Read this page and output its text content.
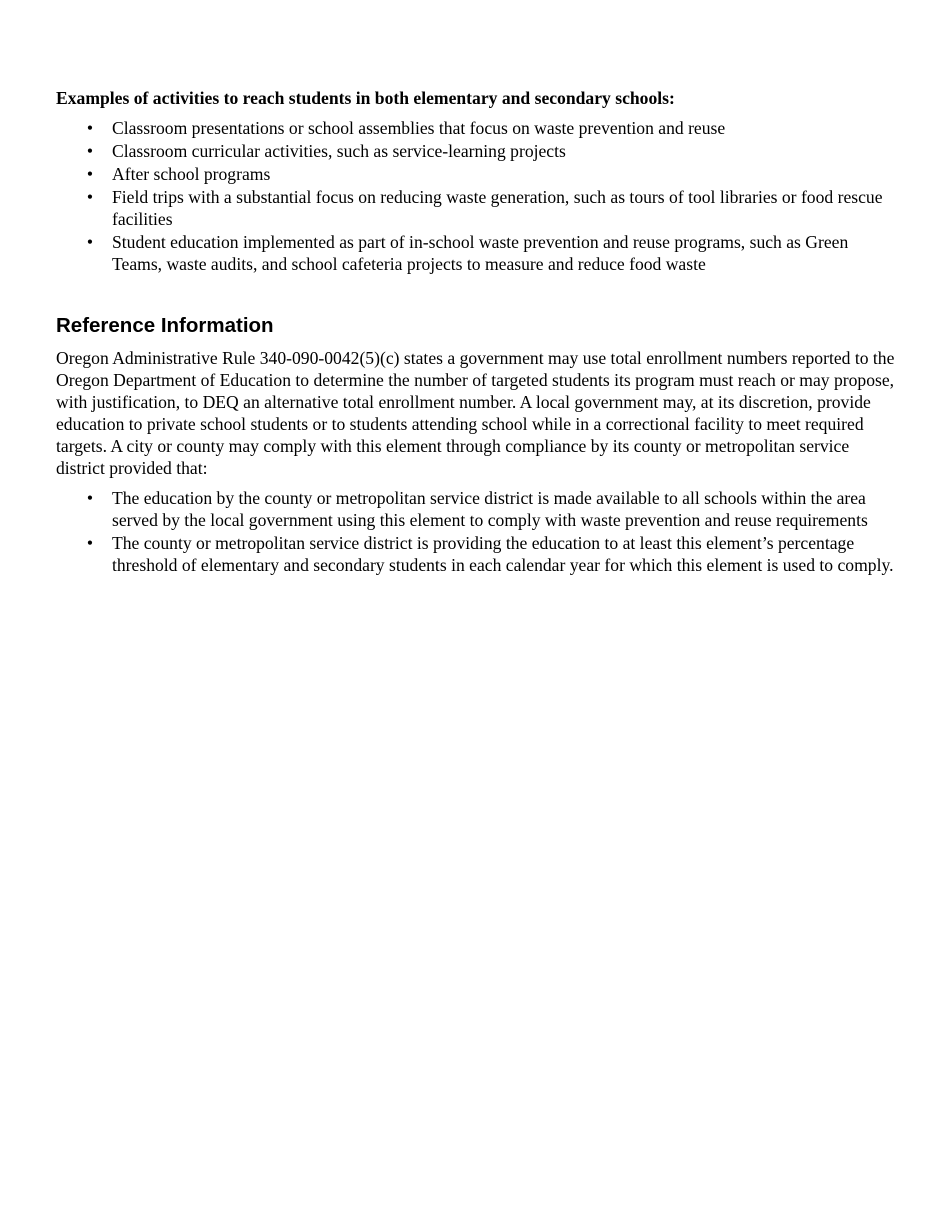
Examples of activities to reach students in both elementary and secondary schools:

• Classroom presentations or school assemblies that focus on waste prevention and reuse
• Classroom curricular activities, such as service-learning projects
• After school programs
• Field trips with a substantial focus on reducing waste generation, such as tours of tool libraries or food rescue facilities
• Student education implemented as part of in-school waste prevention and reuse programs, such as Green Teams, waste audits, and school cafeteria projects to measure and reduce food waste
Reference Information

Oregon Administrative Rule 340-090-0042(5)(c) states a government may use total enrollment numbers reported to the Oregon Department of Education to determine the number of targeted students its program must reach or may propose, with justification, to DEQ an alternative total enrollment number. A local government may, at its discretion, provide education to private school students or to students attending school while in a correctional facility to meet required targets. A city or county may comply with this element through compliance by its county or metropolitan service district provided that:

• The education by the county or metropolitan service district is made available to all schools within the area served by the local government using this element to comply with waste prevention and reuse requirements
• The county or metropolitan service district is providing the education to at least this element’s percentage threshold of elementary and secondary students in each calendar year for which this element is used to comply.
